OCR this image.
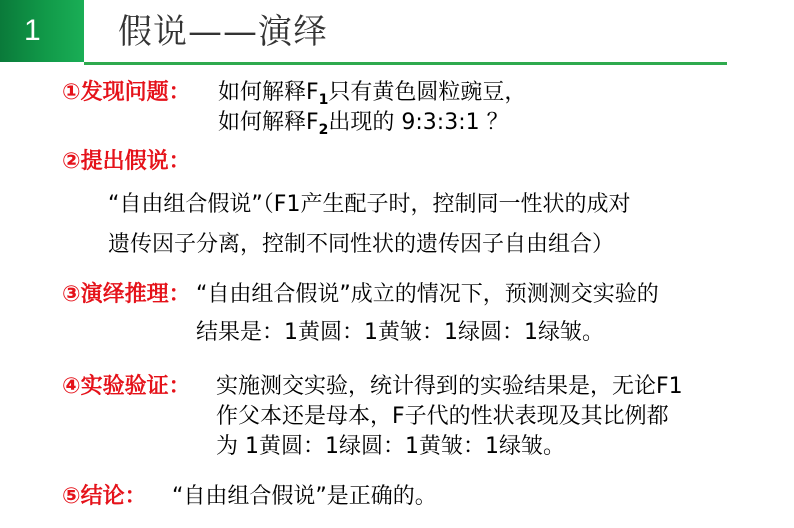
1	假说——演绎
①发现问题： 如何解释$F_1$只有黄色圆粒豌豆，
如何解释$F_2$出现的 9:3:3:1 ？
②提出假说：
“自由组合假说”（F1产生配子时，控制同一性状的成对
遗传因子分离，控制不同性状的遗传因子自由组合）
③演绎推理： “自由组合假说”成立的情况下，预测测交实验的
结果是：1黄圆：1黄皱：1绿圆：1绿皱。
④实验验证： 实施测交实验，统计得到的实验结果是，无论F1
作父本还是母本，F子代的性状表现及其比例都
为 1黄圆：1绿圆：1黄皱：1绿皱。
⑤结论： “自由组合假说”是正确的。
